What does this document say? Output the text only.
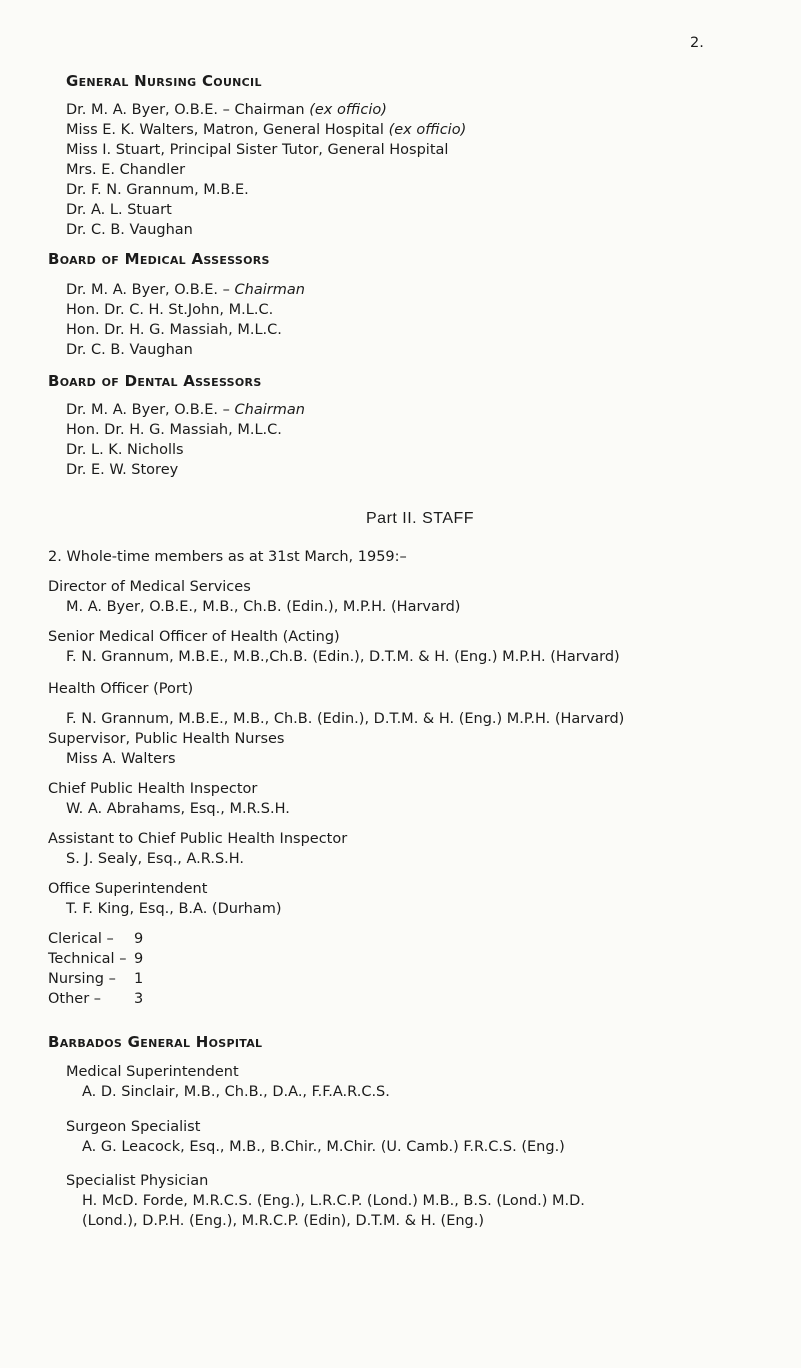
2.
General Nursing Council
Dr. M. A. Byer, O.B.E. – Chairman (ex officio)
Miss E. K. Walters, Matron, General Hospital (ex officio)
Miss I. Stuart, Principal Sister Tutor, General Hospital
Mrs. E. Chandler
Dr. F. N. Grannum, M.B.E.
Dr. A. L. Stuart
Dr. C. B. Vaughan
Board of Medical Assessors
Dr. M. A. Byer, O.B.E. – Chairman
Hon. Dr. C. H. St.John, M.L.C.
Hon. Dr. H. G. Massiah, M.L.C.
Dr. C. B. Vaughan
Board of Dental Assessors
Dr. M. A. Byer, O.B.E. – Chairman
Hon. Dr. H. G. Massiah, M.L.C.
Dr. L. K. Nicholls
Dr. E. W. Storey
Part II. STAFF
2. Whole-time members as at 31st March, 1959:–
Director of Medical Services
M. A. Byer, O.B.E., M.B., Ch.B. (Edin.), M.P.H. (Harvard)
Senior Medical Officer of Health (Acting)
F. N. Grannum, M.B.E., M.B.,Ch.B. (Edin.), D.T.M. & H. (Eng.) M.P.H. (Harvard)
Health Officer (Port)
F. N. Grannum, M.B.E., M.B., Ch.B. (Edin.), D.T.M. & H. (Eng.) M.P.H. (Harvard)
Supervisor, Public Health Nurses
Miss A. Walters
Chief Public Health Inspector
W. A. Abrahams, Esq., M.R.S.H.
Assistant to Chief Public Health Inspector
S. J. Sealy, Esq., A.R.S.H.
Office Superintendent
T. F. King, Esq., B.A. (Durham)
Clerical – 9
Technical – 9
Nursing – 1
Other – 3
Barbados General Hospital
Medical Superintendent
A. D. Sinclair, M.B., Ch.B., D.A., F.F.A.R.C.S.
Surgeon Specialist
A. G. Leacock, Esq., M.B., B.Chir., M.Chir. (U. Camb.) F.R.C.S. (Eng.)
Specialist Physician
H. McD. Forde, M.R.C.S. (Eng.), L.R.C.P. (Lond.) M.B., B.S. (Lond.) M.D.
(Lond.), D.P.H. (Eng.), M.R.C.P. (Edin), D.T.M. & H. (Eng.)
